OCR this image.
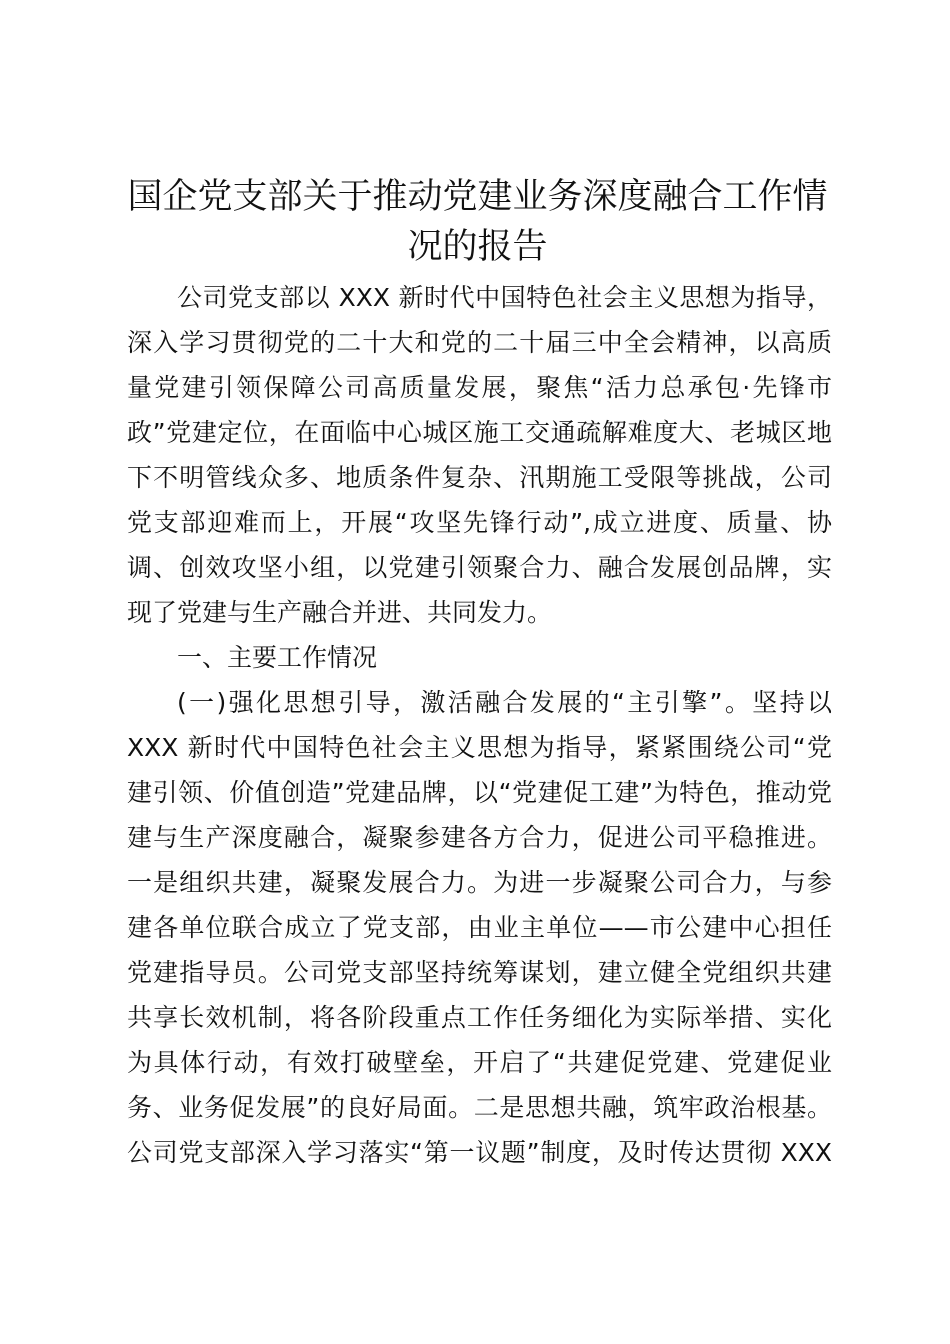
国企党支部关于推动党建业务深度融合工作情
况的报告

公司党支部以 XXX 新时代中国特色社会主义思想为指导，

深入学习贯彻党的二十大和党的二十届三中全会精神，以高质

量党建引领保障公司高质量发展，聚焦“活力总承包·先锋市

政”党建定位，在面临中心城区施工交通疏解难度大、老城区地

下不明管线众多、地质条件复杂、汛期施工受限等挑战，公司

党支部迎难而上，开展“攻坚先锋行动”,成立进度、质量、协

调、创效攻坚小组，以党建引领聚合力、融合发展创品牌，实

现了党建与生产融合并进、共同发力。

一、主要工作情况

(一)强化思想引导，激活融合发展的“主引擎”。坚持以

XXX 新时代中国特色社会主义思想为指导，紧紧围绕公司“党

建引领、价值创造”党建品牌，以“党建促工建”为特色，推动党

建与生产深度融合，凝聚参建各方合力，促进公司平稳推进。

一是组织共建，凝聚发展合力。为进一步凝聚公司合力，与参

建各单位联合成立了党支部，由业主单位——市公建中心担任

党建指导员。公司党支部坚持统筹谋划，建立健全党组织共建

共享长效机制，将各阶段重点工作任务细化为实际举措、实化

为具体行动，有效打破壁垒，开启了“共建促党建、党建促业

务、业务促发展”的良好局面。二是思想共融，筑牢政治根基。

公司党支部深入学习落实“第一议题”制度，及时传达贯彻 XXX
